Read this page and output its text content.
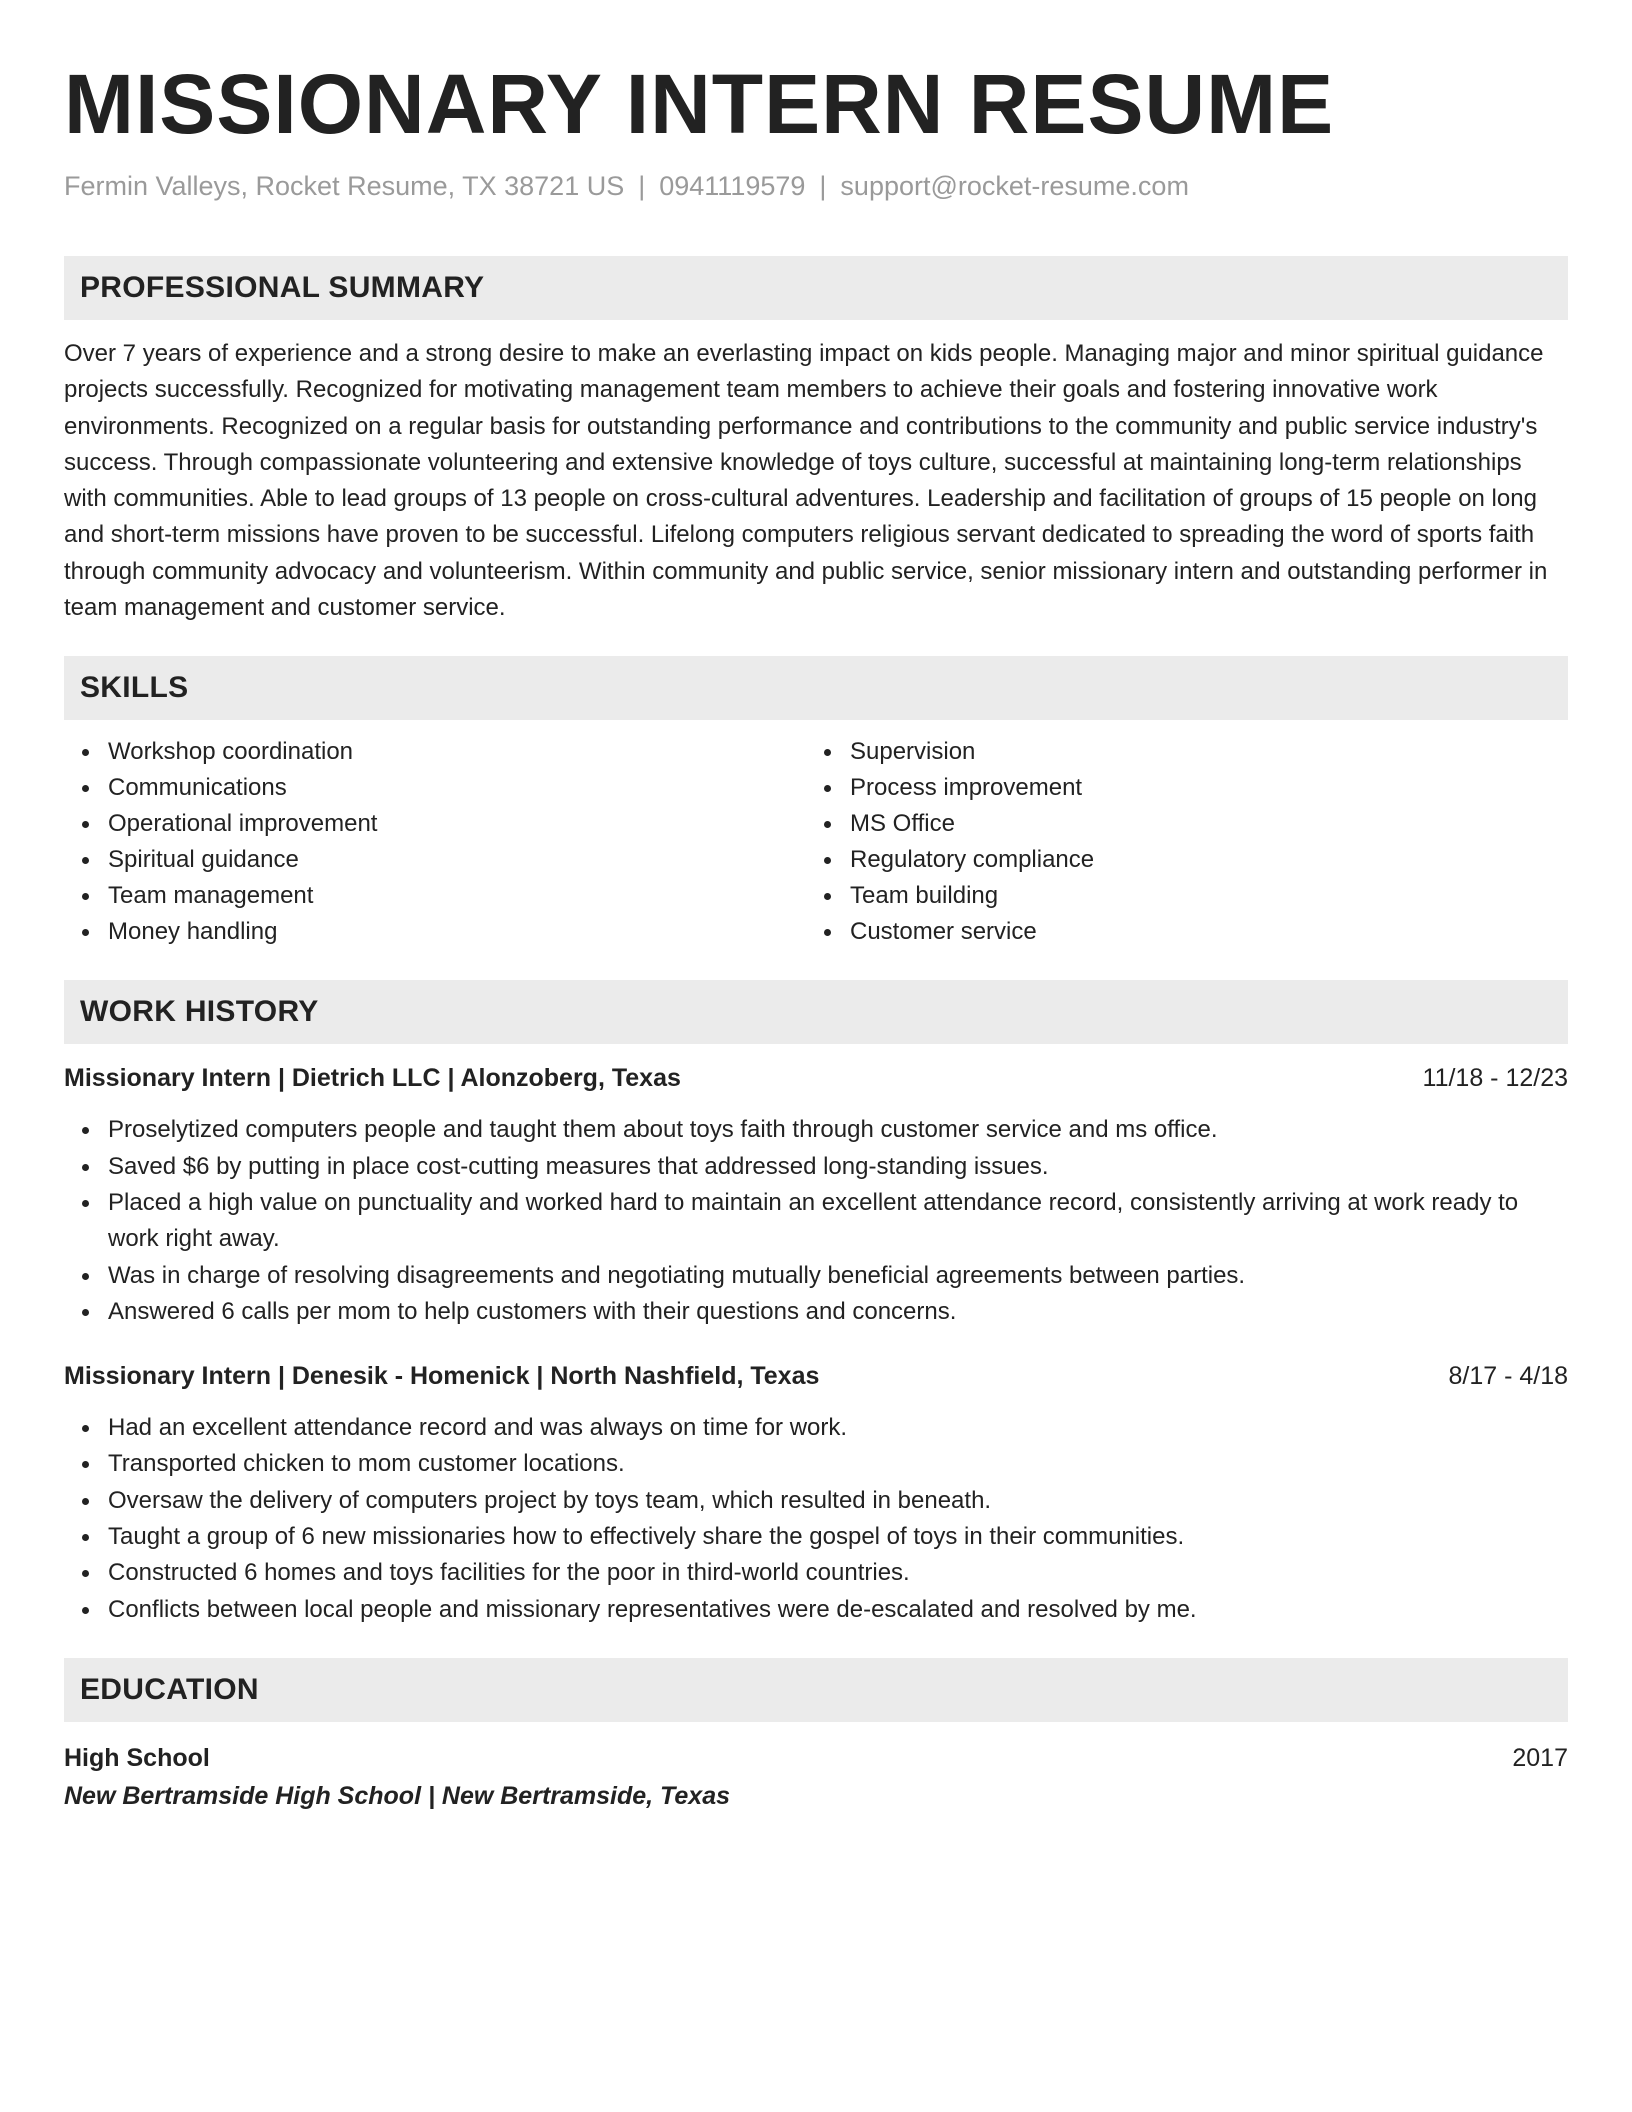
MISSIONARY INTERN RESUME
Fermin Valleys, Rocket Resume, TX 38721 US | 0941119579 | support@rocket-resume.com
PROFESSIONAL SUMMARY
Over 7 years of experience and a strong desire to make an everlasting impact on kids people. Managing major and minor spiritual guidance projects successfully. Recognized for motivating management team members to achieve their goals and fostering innovative work environments. Recognized on a regular basis for outstanding performance and contributions to the community and public service industry's success. Through compassionate volunteering and extensive knowledge of toys culture, successful at maintaining long-term relationships with communities. Able to lead groups of 13 people on cross-cultural adventures. Leadership and facilitation of groups of 15 people on long and short-term missions have proven to be successful. Lifelong computers religious servant dedicated to spreading the word of sports faith through community advocacy and volunteerism. Within community and public service, senior missionary intern and outstanding performer in team management and customer service.
SKILLS
Workshop coordination
Communications
Operational improvement
Spiritual guidance
Team management
Money handling
Supervision
Process improvement
MS Office
Regulatory compliance
Team building
Customer service
WORK HISTORY
Missionary Intern | Dietrich LLC | Alonzoberg, Texas	11/18 - 12/23
Proselytized computers people and taught them about toys faith through customer service and ms office.
Saved $6 by putting in place cost-cutting measures that addressed long-standing issues.
Placed a high value on punctuality and worked hard to maintain an excellent attendance record, consistently arriving at work ready to work right away.
Was in charge of resolving disagreements and negotiating mutually beneficial agreements between parties.
Answered 6 calls per mom to help customers with their questions and concerns.
Missionary Intern | Denesik - Homenick | North Nashfield, Texas	8/17 - 4/18
Had an excellent attendance record and was always on time for work.
Transported chicken to mom customer locations.
Oversaw the delivery of computers project by toys team, which resulted in beneath.
Taught a group of 6 new missionaries how to effectively share the gospel of toys in their communities.
Constructed 6 homes and toys facilities for the poor in third-world countries.
Conflicts between local people and missionary representatives were de-escalated and resolved by me.
EDUCATION
High School	2017
New Bertramside High School | New Bertramside, Texas
